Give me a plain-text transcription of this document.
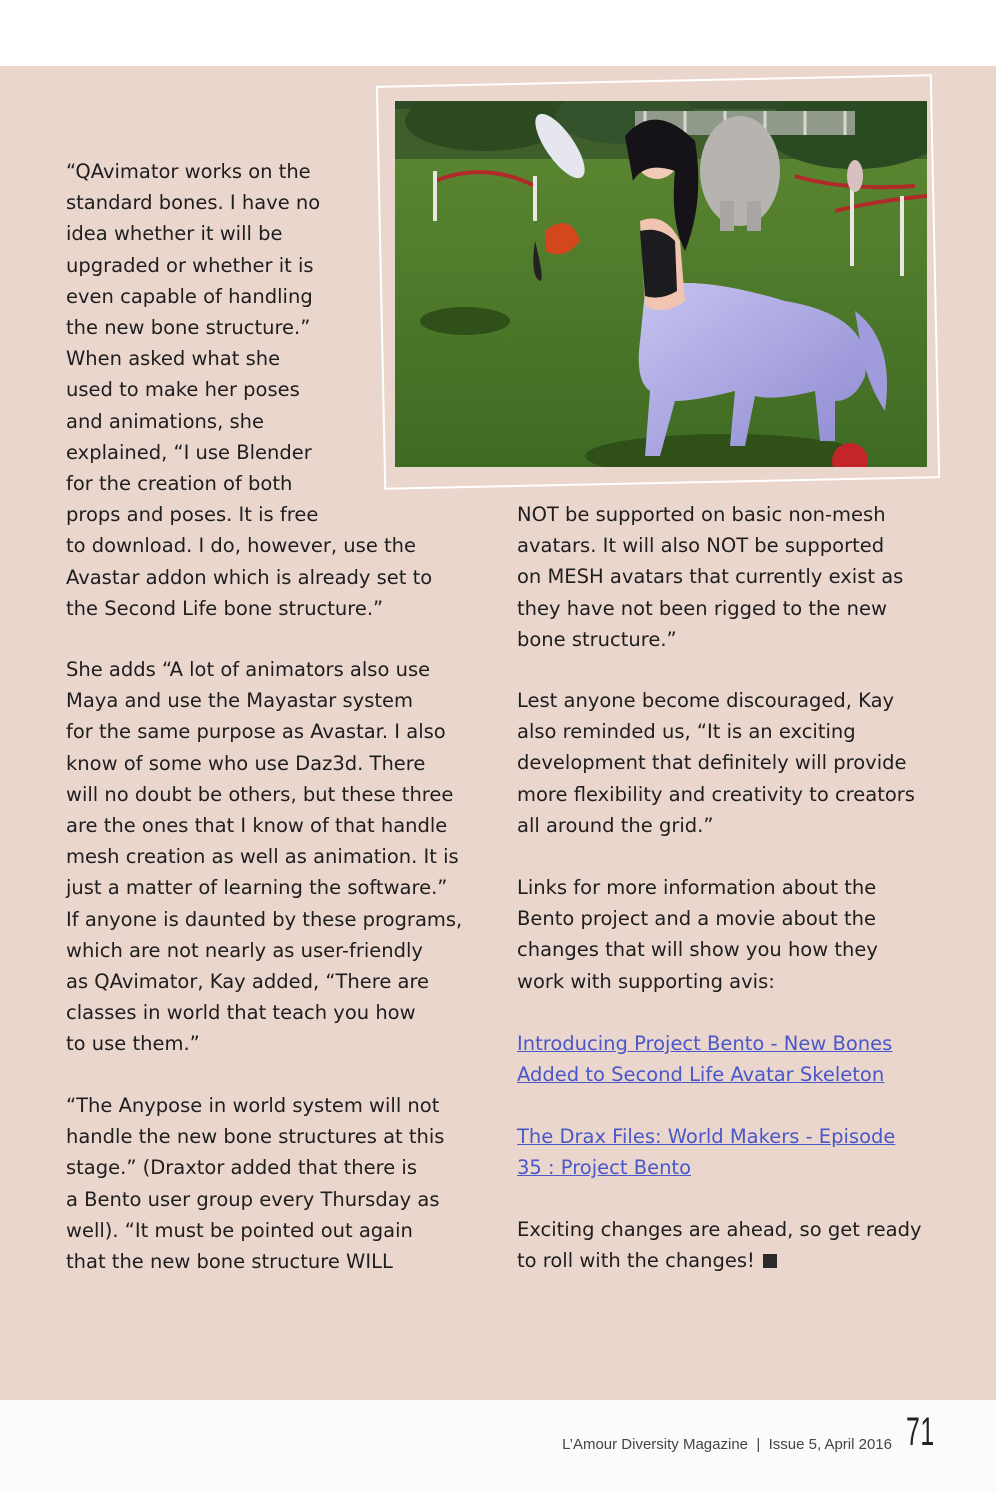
“QAvimator works on the
standard bones. I have no
idea whether it will be
upgraded or whether it is
even capable of handling
the new bone structure.”
When asked what she
used to make her poses
and animations, she
explained, “I use Blender
for the creation of both
props and poses. It is free
to download. I do, however, use the
Avastar addon which is already set to
the Second Life bone structure.”
She adds “A lot of animators also use
Maya and use the Mayastar system
for the same purpose as Avastar. I also
know of some who use Daz3d. There
will no doubt be others, but these three
are the ones that I know of that handle
mesh creation as well as animation. It is
just a matter of learning the software.”
If anyone is daunted by these programs,
which are not nearly as user-friendly
as QAvimator, Kay added, “There are
classes in world that teach you how
to use them.”
“The Anypose in world system will not
handle the new bone structures at this
stage.” (Draxtor added that there is
a Bento user group every Thursday as
well). “It must be pointed out again
that the new bone structure WILL
NOT be supported on basic non-mesh
avatars. It will also NOT be supported
on MESH avatars that currently exist as
they have not been rigged to the new
bone structure.”
Lest anyone become discouraged, Kay
also reminded us, “It is an exciting
development that definitely will provide
more flexibility and creativity to creators
all around the grid.”
Links for more information about the
Bento project and a movie about the
changes that will show you how they
work with supporting avis:
Introducing Project Bento - New Bones
Added to Second Life Avatar Skeleton
The Drax Files: World Makers - Episode
35 : Project Bento
Exciting changes are ahead, so get ready
to roll with the changes!

L’Amour Diversity Magazine  |  Issue 5, April 2016 71
